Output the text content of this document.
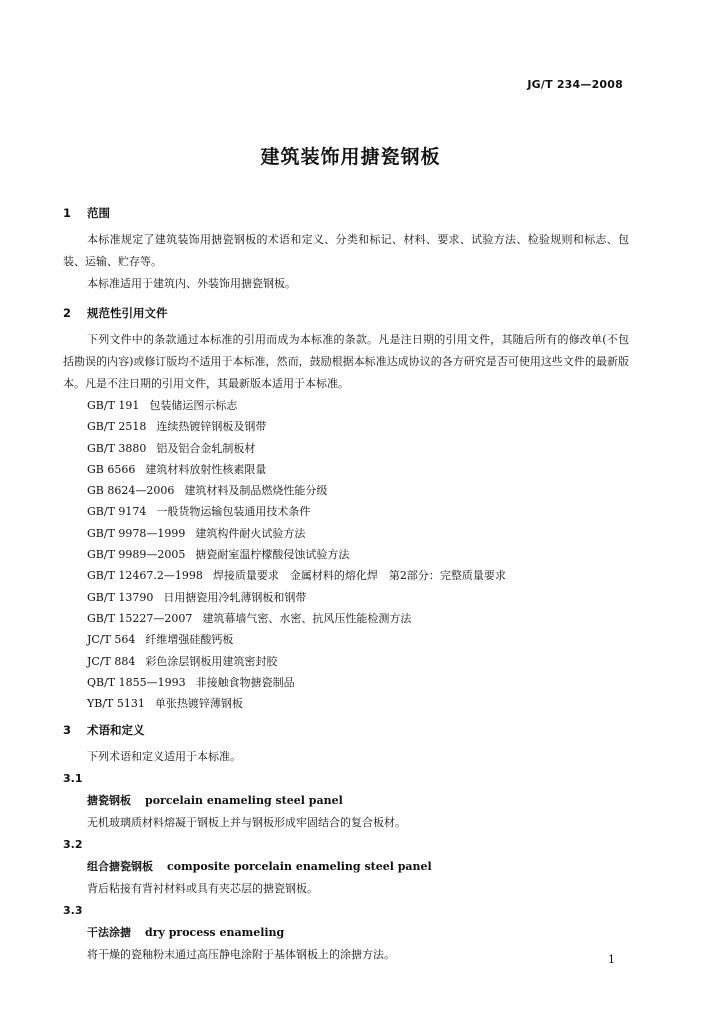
JG/T 234—2008
建筑装饰用搪瓷钢板
1 范围
本标准规定了建筑装饰用搪瓷钢板的术语和定义、分类和标记、材料、要求、试验方法、检验规则和标志、包装、运输、贮存等。
本标准适用于建筑内、外装饰用搪瓷钢板。
2 规范性引用文件
下列文件中的条款通过本标准的引用而成为本标准的条款。凡是注日期的引用文件，其随后所有的修改单(不包括勘误的内容)或修订版均不适用于本标准，然而，鼓励根据本标准达成协议的各方研究是否可使用这些文件的最新版本。凡是不注日期的引用文件，其最新版本适用于本标准。
GB/T 191 包装储运图示标志
GB/T 2518 连续热镀锌钢板及钢带
GB/T 3880 铝及铝合金轧制板材
GB 6566 建筑材料放射性核素限量
GB 8624—2006 建筑材料及制品燃烧性能分级
GB/T 9174 一般货物运输包装通用技术条件
GB/T 9978—1999 建筑构件耐火试验方法
GB/T 9989—2005 搪瓷耐室温柠檬酸侵蚀试验方法
GB/T 12467.2—1998 焊接质量要求　金属材料的熔化焊　第2部分：完整质量要求
GB/T 13790 日用搪瓷用冷轧薄钢板和钢带
GB/T 15227—2007 建筑幕墙气密、水密、抗风压性能检测方法
JC/T 564 纤维增强硅酸钙板
JC/T 884 彩色涂层钢板用建筑密封胶
QB/T 1855—1993 非接触食物搪瓷制品
YB/T 5131 单张热镀锌薄钢板
3 术语和定义
下列术语和定义适用于本标准。
3.1
搪瓷钢板 porcelain enameling steel panel
无机玻璃质材料熔凝于钢板上并与钢板形成牢固结合的复合板材。
3.2
组合搪瓷钢板 composite porcelain enameling steel panel
背后粘接有背衬材料或具有夹芯层的搪瓷钢板。
3.3
干法涂搪 dry process enameling
将干燥的瓷釉粉末通过高压静电涂附于基体钢板上的涂搪方法。	1
